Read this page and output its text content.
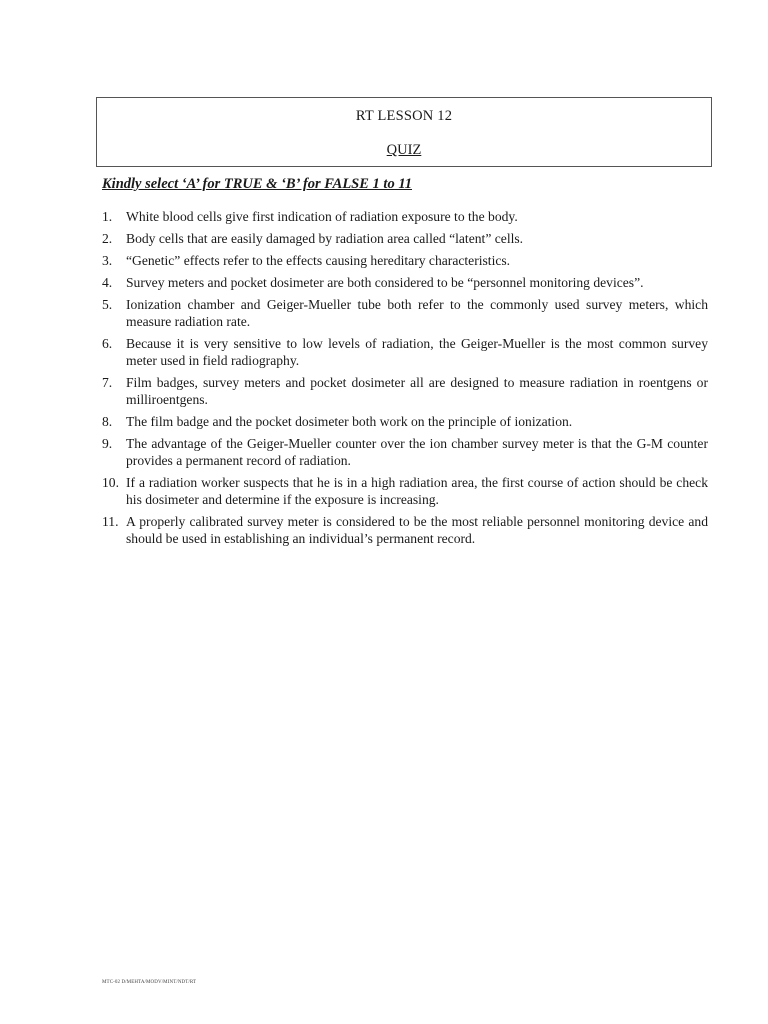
RT LESSON 12
QUIZ
Kindly select ‘A’ for TRUE & ‘B’ for FALSE 1 to 11
1.	White blood cells give first indication of radiation exposure to the body.
2.	Body cells that are easily damaged by radiation area called “latent” cells.
3.	“Genetic” effects refer to the effects causing hereditary characteristics.
4.	Survey meters and pocket dosimeter are both considered to be “personnel monitoring devices”.
5.	Ionization chamber and Geiger-Mueller tube both refer to the commonly used survey meters, which measure radiation rate.
6.	Because it is very sensitive to low levels of radiation, the Geiger-Mueller is the most common survey meter used in field radiography.
7.	Film badges, survey meters and pocket dosimeter all are designed to measure radiation in roentgens or milliroentgens.
8.	The film badge and the pocket dosimeter both work on the principle of ionization.
9.	The advantage of the Geiger-Mueller counter over the ion chamber survey meter is that the G-M counter provides a permanent record of radiation.
10. If a radiation worker suspects that he is in a high radiation area, the first course of action should be check his dosimeter and determine if the exposure is increasing.
11. A properly calibrated survey meter is considered to be the most reliable personnel monitoring device and should be used in establishing an individual’s permanent record.
MTC-02 D/MEHTA/MODV/MINT/NDT/RT
